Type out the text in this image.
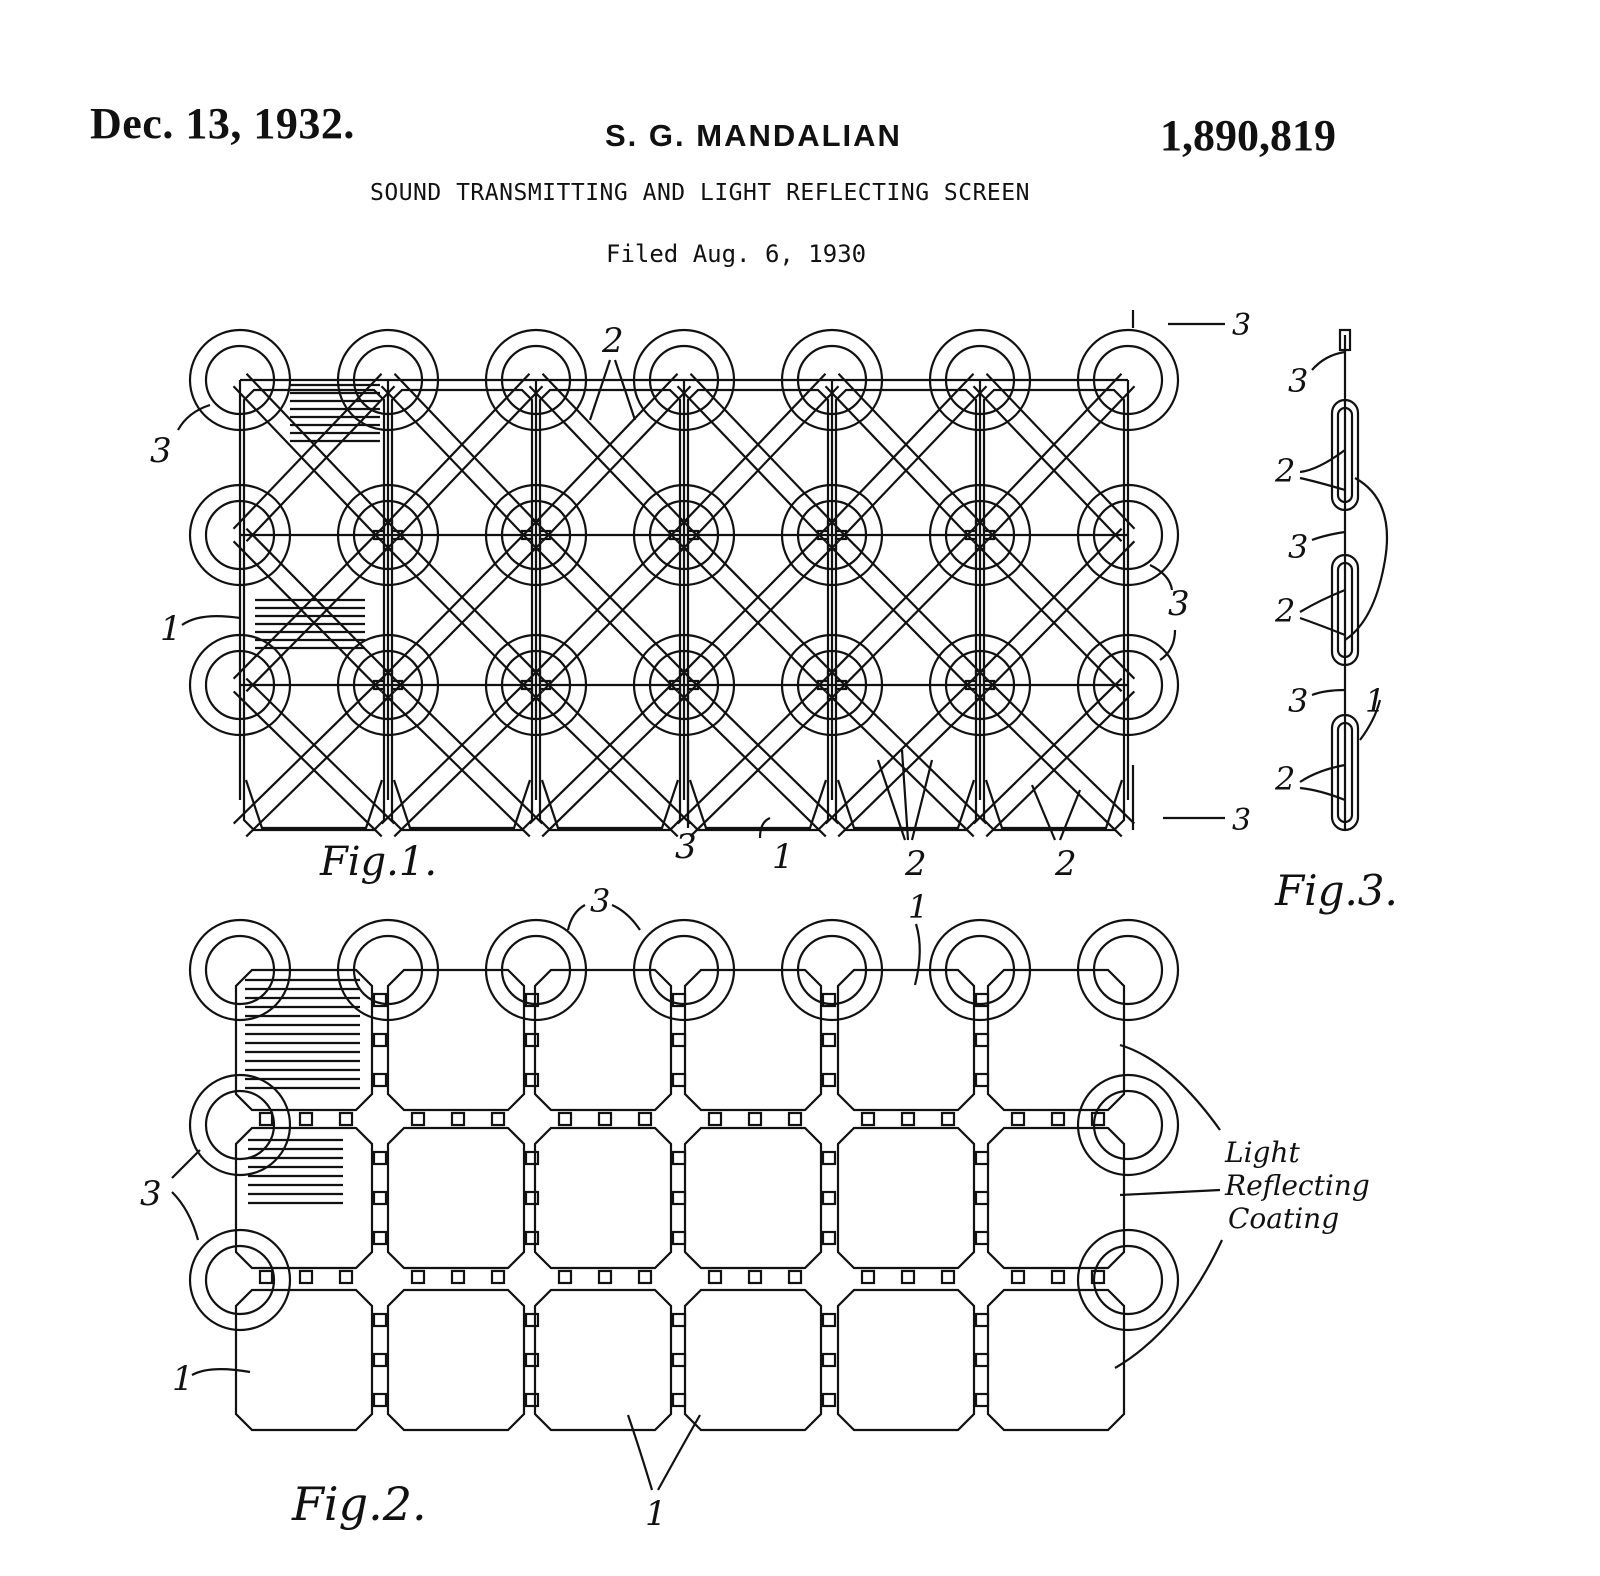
Dec. 13, 1932.	S. G. MANDALIAN	1,890,819
SOUND TRANSMITTING AND LIGHT REFLECTING SCREEN
Filed Aug. 6, 1930
3
1
2	3
3
3
3 1	2	2
Fig.1.
3	1
3
1
1
Light
Reflecting
Coating
Fig.2.
3
2
3
2
3 1
2
Fig.3.
